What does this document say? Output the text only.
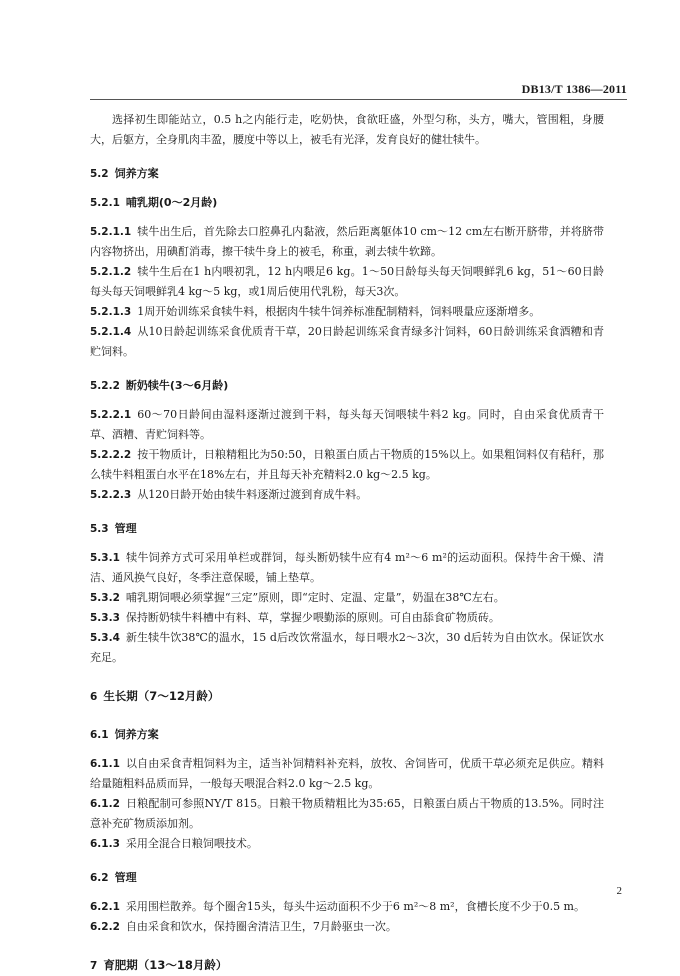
DB13/T 1386—2011

选择初生即能站立，0.5 h之内能行走，吃奶快，食欲旺盛，外型匀称，头方，嘴大，管围粗，身腰大，后躯方，全身肌肉丰盈，腰度中等以上，被毛有光泽，发育良好的健壮犊牛。

5.2 饲养方案

5.2.1 哺乳期(0～2月龄)

5.2.1.1 犊牛出生后，首先除去口腔鼻孔内黏液，然后距离躯体10 cm～12 cm左右断开脐带，并将脐带内容物挤出，用碘酊消毒，擦干犊牛身上的被毛，称重，剥去犊牛软蹄。

5.2.1.2 犊牛生后在1 h内喂初乳，12 h内喂足6 kg。1～50日龄每头每天饲喂鲜乳6 kg，51～60日龄每头每天饲喂鲜乳4 kg～5 kg，或1周后使用代乳粉，每天3次。

5.2.1.3 1周开始训练采食犊牛料，根据肉牛犊牛饲养标准配制精料，饲料喂量应逐渐增多。

5.2.1.4 从10日龄起训练采食优质青干草，20日龄起训练采食青绿多汁饲料，60日龄训练采食酒糟和青贮饲料。

5.2.2 断奶犊牛(3～6月龄)

5.2.2.1 60～70日龄间由湿料逐渐过渡到干料，每头每天饲喂犊牛料2 kg。同时，自由采食优质青干草、酒糟、青贮饲料等。

5.2.2.2 按干物质计，日粮精粗比为50:50，日粮蛋白质占干物质的15%以上。如果粗饲料仅有秸秆，那么犊牛料粗蛋白水平在18%左右，并且每天补充精料2.0 kg～2.5 kg。

5.2.2.3 从120日龄开始由犊牛料逐渐过渡到育成牛料。

5.3 管理

5.3.1 犊牛饲养方式可采用单栏或群饲，每头断奶犊牛应有4 m²～6 m²的运动面积。保持牛舍干燥、清洁、通风换气良好，冬季注意保暖，铺上垫草。

5.3.2 哺乳期饲喂必须掌握“三定”原则，即“定时、定温、定量”，奶温在38℃左右。

5.3.3 保持断奶犊牛料槽中有料、草，掌握少喂勤添的原则。可自由舔食矿物质砖。

5.3.4 新生犊牛饮38℃的温水，15 d后改饮常温水，每日喂水2～3次，30 d后转为自由饮水。保证饮水充足。

6 生长期（7～12月龄）

6.1 饲养方案

6.1.1 以自由采食青粗饲料为主，适当补饲精料补充料，放牧、舍饲皆可，优质干草必须充足供应。精料给量随粗料品质而异，一般每天喂混合料2.0 kg～2.5 kg。

6.1.2 日粮配制可参照NY/T 815。日粮干物质精粗比为35:65，日粮蛋白质占干物质的13.5%。同时注意补充矿物质添加剂。

6.1.3 采用全混合日粮饲喂技术。

6.2 管理

6.2.1 采用围栏散养。每个圈舍15头，每头牛运动面积不少于6 m²～8 m²，食槽长度不少于0.5 m。

6.2.2 自由采食和饮水，保持圈舍清洁卫生，7月龄驱虫一次。

7 育肥期（13～18月龄）

2
